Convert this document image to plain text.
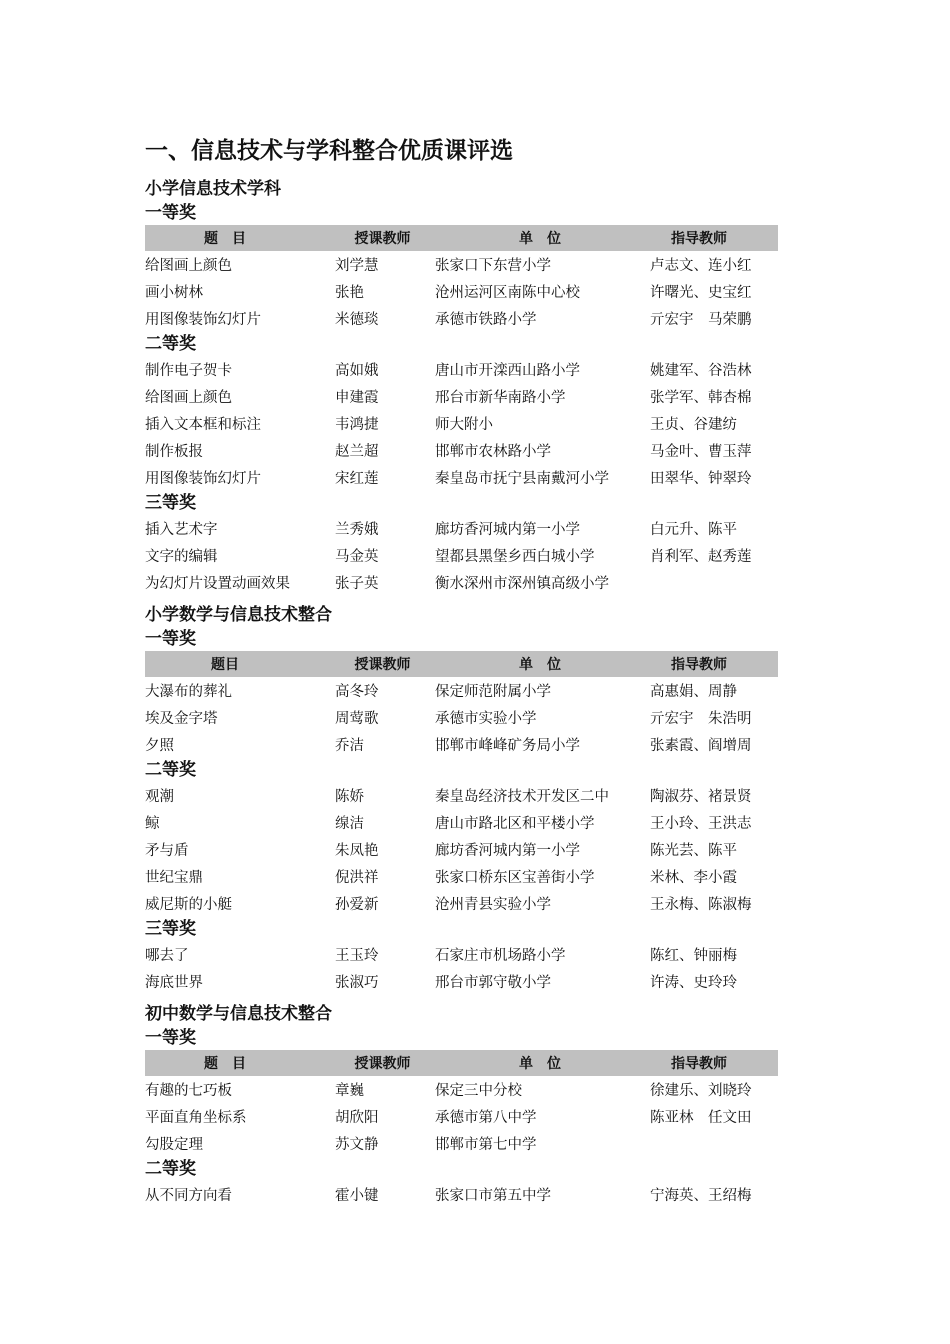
一、信息技术与学科整合优质课评选
小学信息技术学科
一等奖
题　目	授课教师	单　位	指导教师
给图画上颜色	刘学慧	张家口下东营小学	卢志文、连小红
画小树林	张艳	沧州运河区南陈中心校	许曙光、史宝红
用图像装饰幻灯片	米德琰	承德市铁路小学	亓宏宇　马荣鹏
二等奖
制作电子贺卡	高如娥	唐山市开滦西山路小学	姚建军、谷浩林
给图画上颜色	申建霞	邢台市新华南路小学	张学军、韩杏棉
插入文本框和标注	韦鸿捷	师大附小	王贞、谷建纺
制作板报	赵兰超	邯郸市农林路小学	马金叶、曹玉萍
用图像装饰幻灯片	宋红莲	秦皇岛市抚宁县南戴河小学	田翠华、钟翠玲
三等奖
插入艺术字	兰秀娥	廊坊香河城内第一小学	白元升、陈平
文字的编辑	马金英	望都县黑堡乡西白城小学	肖利军、赵秀莲
为幻灯片设置动画效果	张子英	衡水深州市深州镇高级小学
小学数学与信息技术整合
一等奖
题目	授课教师	单　位	指导教师
大瀑布的葬礼	高冬玲	保定师范附属小学	高惠娟、周静
埃及金字塔	周莺歌	承德市实验小学	亓宏宇　朱浩明
夕照	乔洁	邯郸市峰峰矿务局小学	张素霞、阎增周
二等奖
观潮	陈娇	秦皇岛经济技术开发区二中	陶淑芬、褚景贤
鲸	缐洁	唐山市路北区和平楼小学	王小玲、王洪志
矛与盾	朱凤艳	廊坊香河城内第一小学	陈光芸、陈平
世纪宝鼎	倪洪祥	张家口桥东区宝善街小学	米林、李小霞
威尼斯的小艇	孙爱新	沧州青县实验小学	王永梅、陈淑梅
三等奖
哪去了	王玉玲	石家庄市机场路小学	陈红、钟丽梅
海底世界	张淑巧	邢台市郭守敬小学	许涛、史玲玲
初中数学与信息技术整合
一等奖
题　目	授课教师	单　位	指导教师
有趣的七巧板	章巍	保定三中分校	徐建乐、刘晓玲
平面直角坐标系	胡欣阳	承德市第八中学	陈亚林　任文田
勾股定理	苏文静	邯郸市第七中学
二等奖
从不同方向看	霍小键	张家口市第五中学	宁海英、王绍梅
